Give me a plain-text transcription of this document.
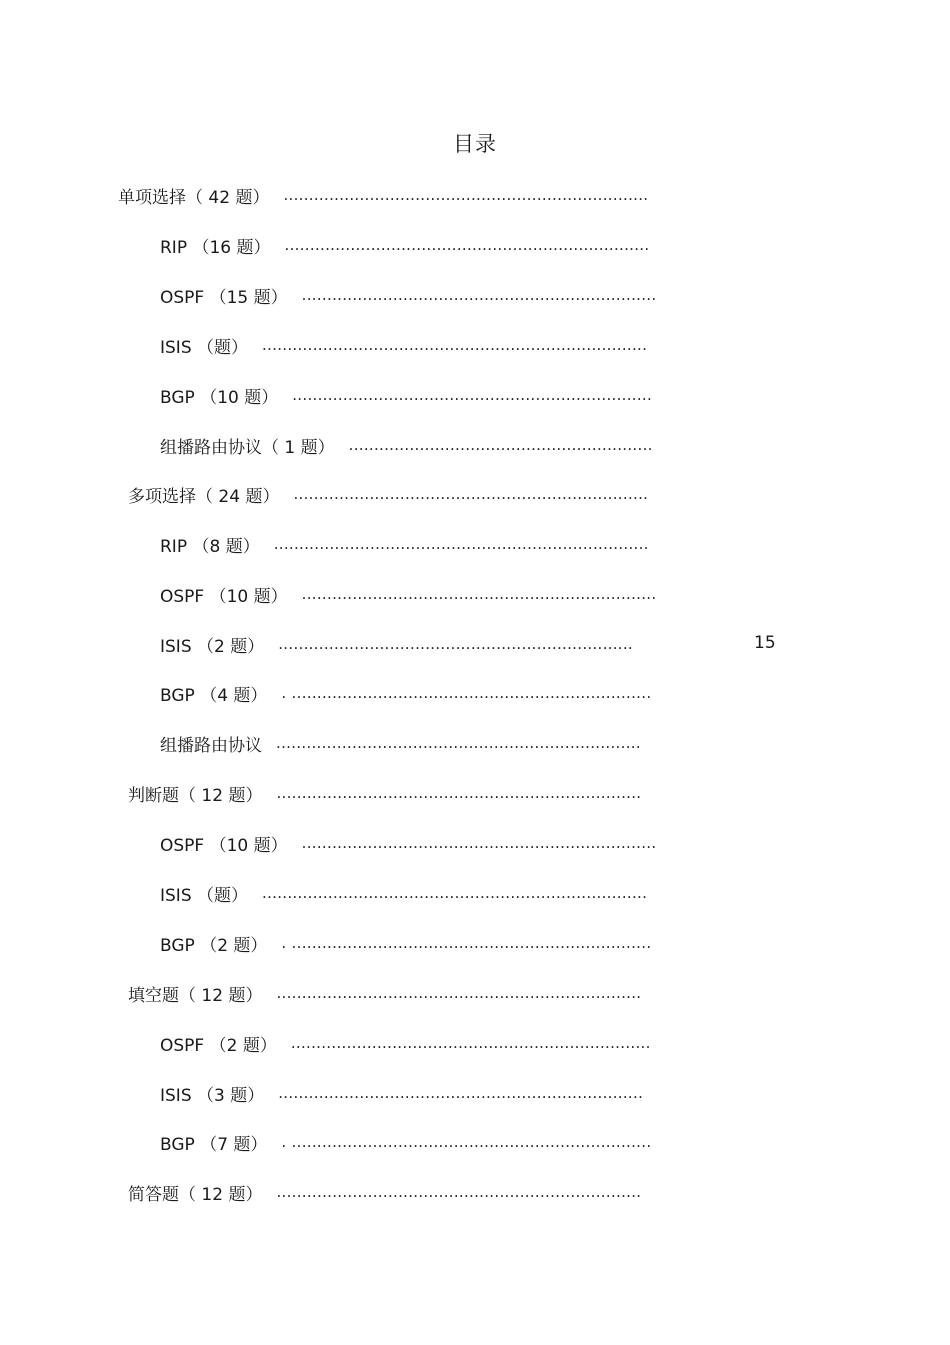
目录
单项选择（ 42 题） ........................................................................
RIP （16 题） ........................................................................
OSPF （15 题） ......................................................................
ISIS （题） ............................................................................
BGP （10 题） .......................................................................
组播路由协议（ 1 题） ............................................................
多项选择（ 24 题） ......................................................................
RIP （8 题） ..........................................................................
OSPF （10 题） ......................................................................
ISIS （2 题） ......................................................................	15
BGP （4 题） . .......................................................................
组播路由协议 ........................................................................
判断题（ 12 题） ........................................................................
OSPF （10 题） ......................................................................
ISIS （题） ............................................................................
BGP （2 题） . .......................................................................
填空题（ 12 题） ........................................................................
OSPF （2 题） .......................................................................
ISIS （3 题） ........................................................................
BGP （7 题） . .......................................................................
简答题（ 12 题） ........................................................................
